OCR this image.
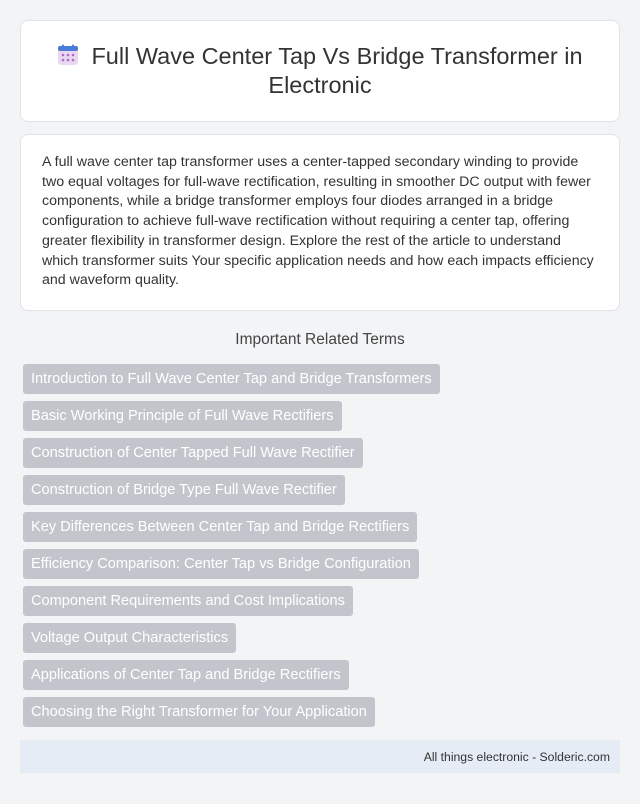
Full Wave Center Tap Vs Bridge Transformer in Electronic

A full wave center tap transformer uses a center-tapped secondary winding to provide two equal voltages for full-wave rectification, resulting in smoother DC output with fewer components, while a bridge transformer employs four diodes arranged in a bridge configuration to achieve full-wave rectification without requiring a center tap, offering greater flexibility in transformer design. Explore the rest of the article to understand which transformer suits Your specific application needs and how each impacts efficiency and waveform quality.

Important Related Terms
Introduction to Full Wave Center Tap and Bridge Transformers
Basic Working Principle of Full Wave Rectifiers
Construction of Center Tapped Full Wave Rectifier
Construction of Bridge Type Full Wave Rectifier
Key Differences Between Center Tap and Bridge Rectifiers
Efficiency Comparison: Center Tap vs Bridge Configuration
Component Requirements and Cost Implications
Voltage Output Characteristics
Applications of Center Tap and Bridge Rectifiers
Choosing the Right Transformer for Your Application
All things electronic - Solderic.com
